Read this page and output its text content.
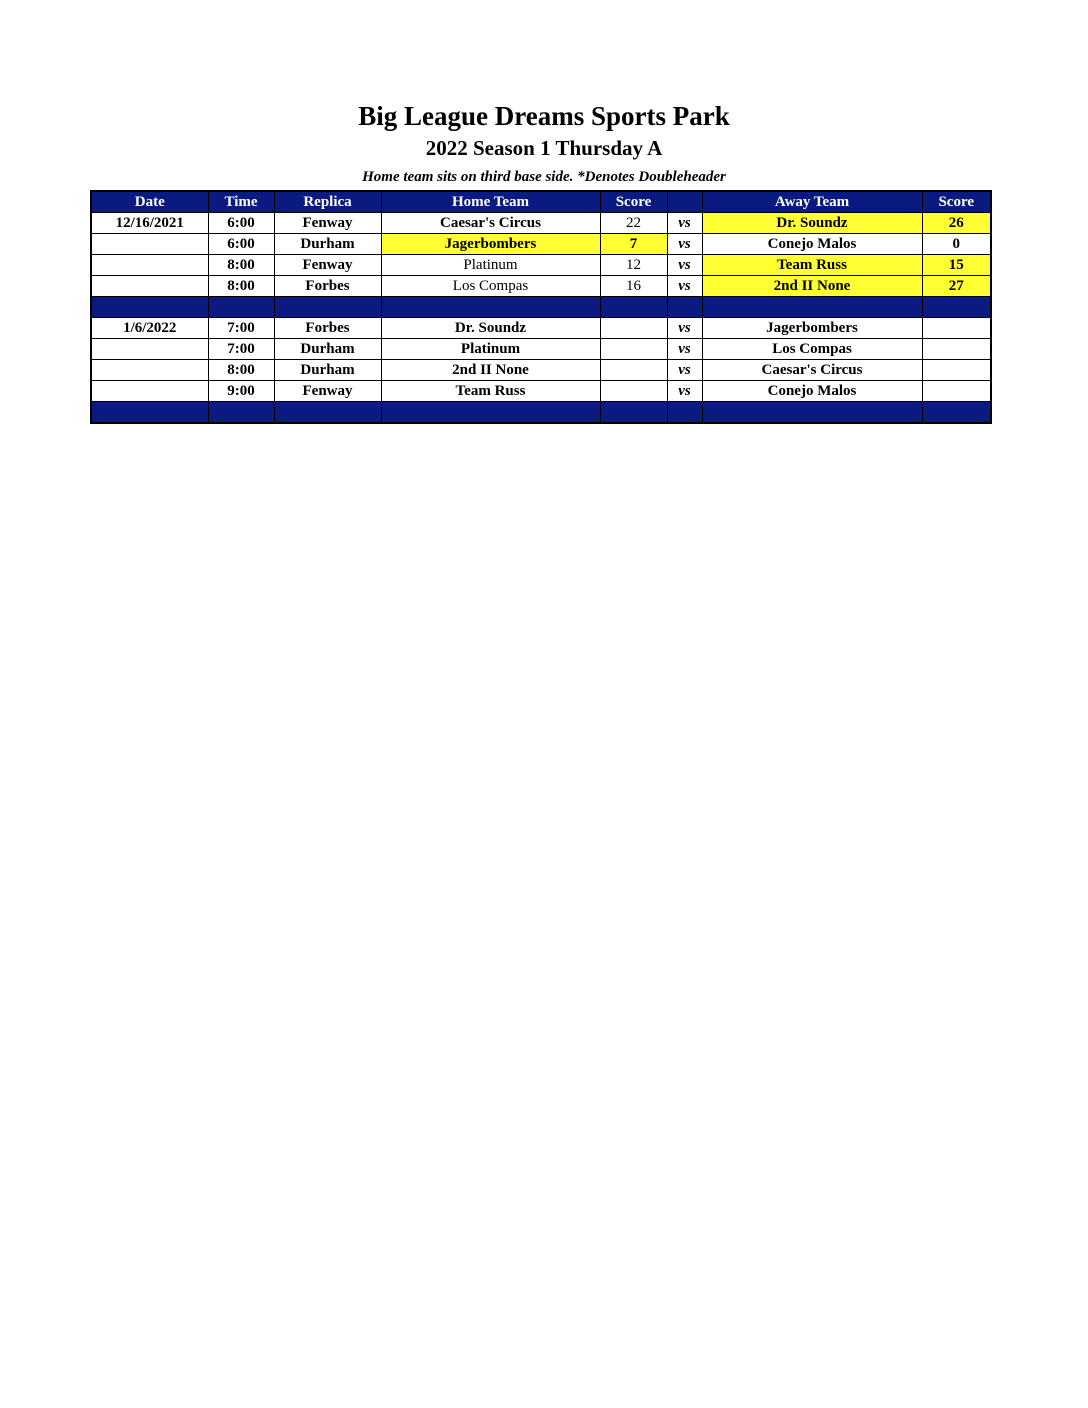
Big League Dreams Sports Park
2022 Season 1 Thursday A
Home team sits on third base side. *Denotes Doubleheader
Date	Time	Replica	Home Team	Score		Away Team	Score
12/16/2021	6:00	Fenway	Caesar's Circus	22	vs	Dr. Soundz	26
	6:00	Durham	Jagerbombers	7	vs	Conejo Malos	0
	8:00	Fenway	Platinum	12	vs	Team Russ	15
	8:00	Forbes	Los Compas	16	vs	2nd II None	27

1/6/2022	7:00	Forbes	Dr. Soundz		vs	Jagerbombers	
	7:00	Durham	Platinum		vs	Los Compas	
	8:00	Durham	2nd II None		vs	Caesar's Circus	
	9:00	Fenway	Team Russ		vs	Conejo Malos	
